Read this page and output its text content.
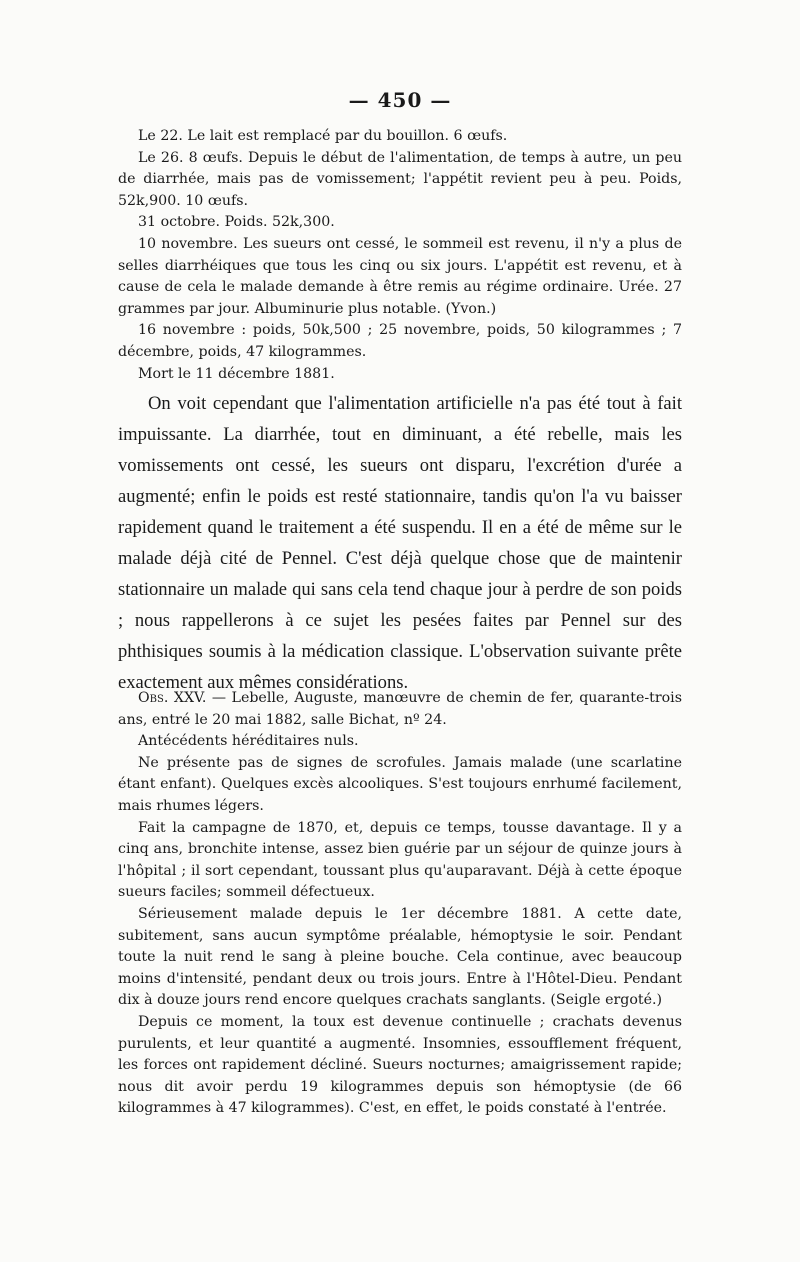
— 450 —

Le 22. Le lait est remplacé par du bouillon. 6 œufs.

Le 26. 8 œufs. Depuis le début de l'alimentation, de temps à autre, un peu de diarrhée, mais pas de vomissement; l'appétit revient peu à peu. Poids, 52k,900. 10 œufs.

31 octobre. Poids. 52k,300.

10 novembre. Les sueurs ont cessé, le sommeil est revenu, il n'y a plus de selles diarrhéiques que tous les cinq ou six jours. L'appétit est revenu, et à cause de cela le malade demande à être remis au régime ordinaire. Urée. 27 grammes par jour. Albuminurie plus notable. (Yvon.)

16 novembre : poids, 50k,500 ; 25 novembre, poids, 50 kilogrammes ; 7 décembre, poids, 47 kilogrammes.

Mort le 11 décembre 1881.

On voit cependant que l'alimentation artificielle n'a pas été tout à fait impuissante. La diarrhée, tout en diminuant, a été rebelle, mais les vomissements ont cessé, les sueurs ont disparu, l'excrétion d'urée a augmenté; enfin le poids est resté stationnaire, tandis qu'on l'a vu baisser rapidement quand le traitement a été suspendu. Il en a été de même sur le malade déjà cité de Pennel. C'est déjà quelque chose que de maintenir stationnaire un malade qui sans cela tend chaque jour à perdre de son poids ; nous rappellerons à ce sujet les pesées faites par Pennel sur des phthisiques soumis à la médication classique. L'observation suivante prête exactement aux mêmes considérations.

Obs. XXV. — Lebelle, Auguste, manœuvre de chemin de fer, quarante-trois ans, entré le 20 mai 1882, salle Bichat, nº 24.

Antécédents héréditaires nuls.

Ne présente pas de signes de scrofules. Jamais malade (une scarlatine étant enfant). Quelques excès alcooliques. S'est toujours enrhumé facilement, mais rhumes légers.

Fait la campagne de 1870, et, depuis ce temps, tousse davantage. Il y a cinq ans, bronchite intense, assez bien guérie par un séjour de quinze jours à l'hôpital ; il sort cependant, toussant plus qu'auparavant. Déjà à cette époque sueurs faciles; sommeil défectueux.

Sérieusement malade depuis le 1er décembre 1881. A cette date, subitement, sans aucun symptôme préalable, hémoptysie le soir. Pendant toute la nuit rend le sang à pleine bouche. Cela continue, avec beaucoup moins d'intensité, pendant deux ou trois jours. Entre à l'Hôtel-Dieu. Pendant dix à douze jours rend encore quelques crachats sanglants. (Seigle ergoté.)

Depuis ce moment, la toux est devenue continuelle ; crachats devenus purulents, et leur quantité a augmenté. Insomnies, essoufflement fréquent, les forces ont rapidement décliné. Sueurs nocturnes; amaigrissement rapide; nous dit avoir perdu 19 kilogrammes depuis son hémoptysie (de 66 kilogrammes à 47 kilogrammes). C'est, en effet, le poids constaté à l'entrée.
